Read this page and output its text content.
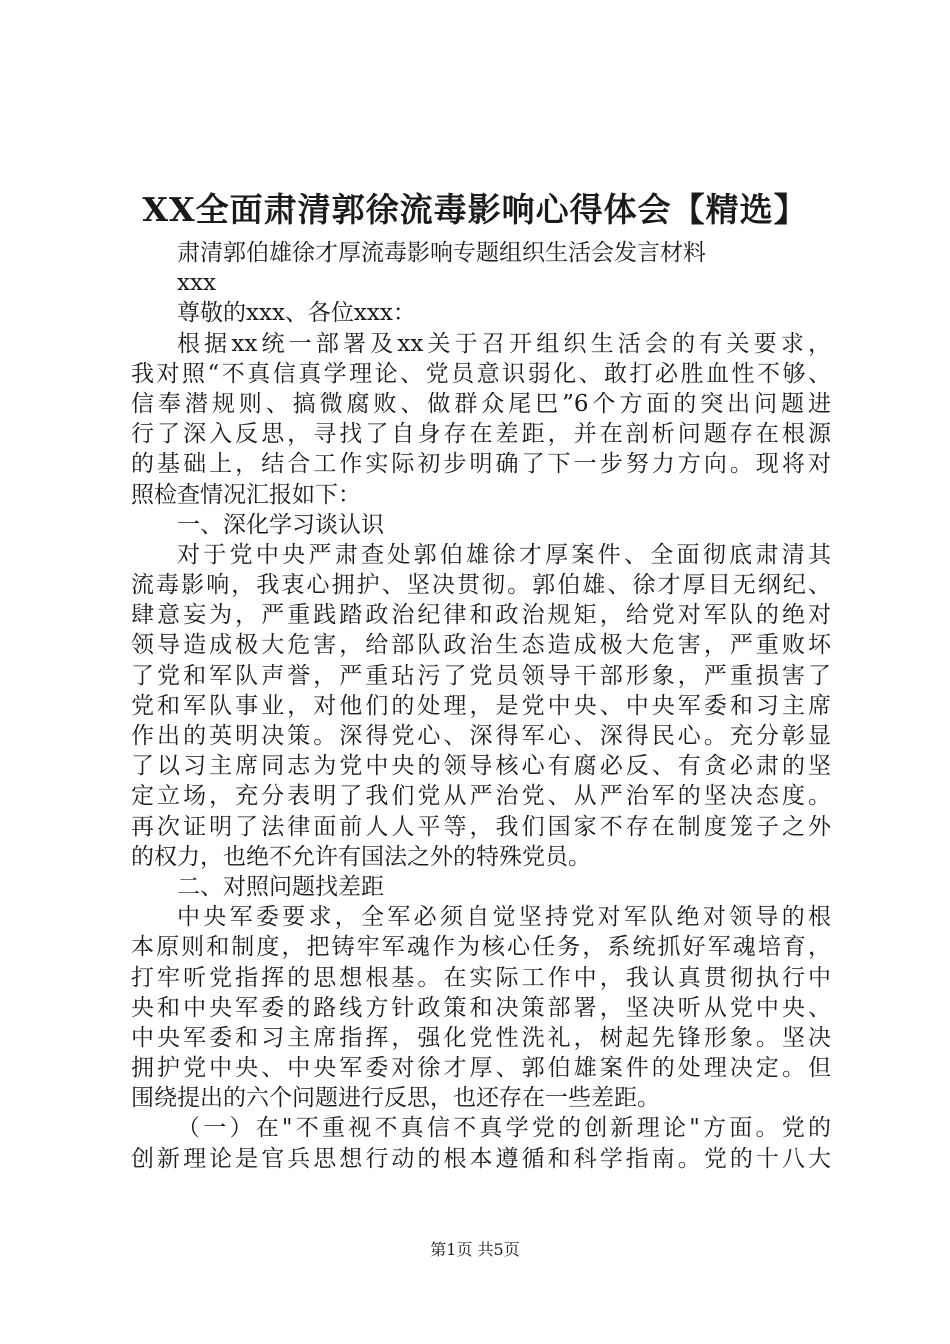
XX全面肃清郭徐流毒影响心得体会【精选】
肃清郭伯雄徐才厚流毒影响专题组织生活会发言材料
xxx
尊敬的xxx、各位xxx：
根据xx统一部署及xx关于召开组织生活会的有关要求，
我对照“不真信真学理论、党员意识弱化、敢打必胜血性不够、
信奉潜规则、搞微腐败、做群众尾巴”6个方面的突出问题进
行了深入反思，寻找了自身存在差距，并在剖析问题存在根源
的基础上，结合工作实际初步明确了下一步努力方向。现将对
照检查情况汇报如下：
一、深化学习谈认识
对于党中央严肃查处郭伯雄徐才厚案件、全面彻底肃清其
流毒影响，我衷心拥护、坚决贯彻。郭伯雄、徐才厚目无纲纪、
肆意妄为，严重践踏政治纪律和政治规矩，给党对军队的绝对
领导造成极大危害，给部队政治生态造成极大危害，严重败坏
了党和军队声誉，严重玷污了党员领导干部形象，严重损害了
党和军队事业，对他们的处理，是党中央、中央军委和习主席
作出的英明决策。深得党心、深得军心、深得民心。充分彰显
了以习主席同志为党中央的领导核心有腐必反、有贪必肃的坚
定立场，充分表明了我们党从严治党、从严治军的坚决态度。
再次证明了法律面前人人平等，我们国家不存在制度笼子之外
的权力，也绝不允许有国法之外的特殊党员。
二、对照问题找差距
中央军委要求，全军必须自觉坚持党对军队绝对领导的根
本原则和制度，把铸牢军魂作为核心任务，系统抓好军魂培育，
打牢听党指挥的思想根基。在实际工作中，我认真贯彻执行中
央和中央军委的路线方针政策和决策部署，坚决听从党中央、
中央军委和习主席指挥，强化党性洗礼，树起先锋形象。坚决
拥护党中央、中央军委对徐才厚、郭伯雄案件的处理决定。但
围绕提出的六个问题进行反思，也还存在一些差距。
（一）在"不重视不真信不真学党的创新理论"方面。党的
创新理论是官兵思想行动的根本遵循和科学指南。党的十八大
第1页 共5页
